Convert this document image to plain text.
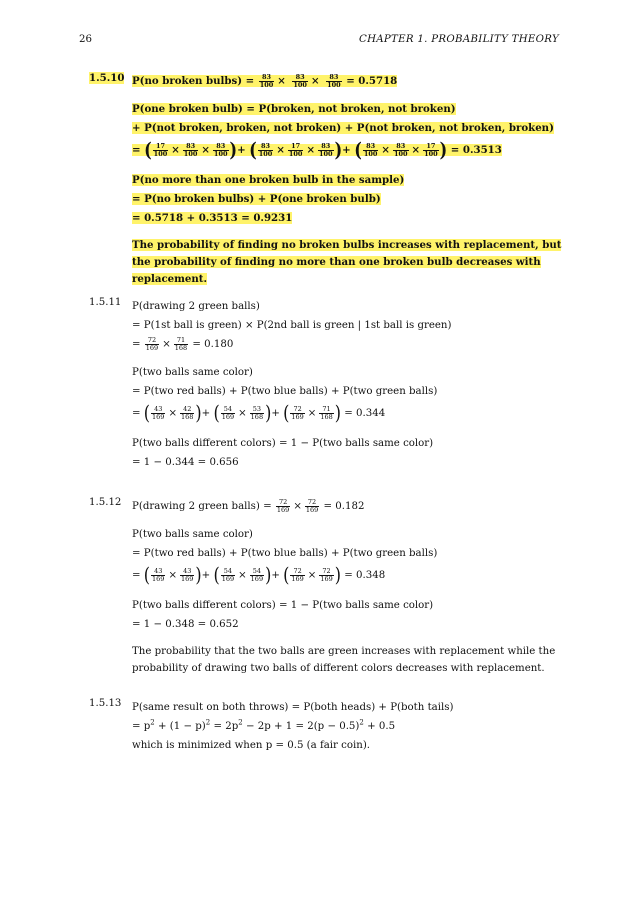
26	CHAPTER 1. PROBABILITY THEORY
1.5.10 P(no broken bulbs) = $\frac{83}{100} \times \frac{83}{100} \times \frac{83}{100} = 0.5718$
P(one broken bulb) = P(broken, not broken, not broken)
+ P(not broken, broken, not broken) + P(not broken, not broken, broken)
= ( $\frac{17}{100} \times \frac{83}{100} \times \frac{83}{100}$ )+ ( $\frac{83}{100} \times \frac{17}{100} \times \frac{83}{100}$ )+ ( $\frac{83}{100} \times \frac{83}{100} \times \frac{17}{100}$ ) = 0.3513
P(no more than one broken bulb in the sample)
= P(no broken bulbs) + P(one broken bulb)
= 0.5718 + 0.3513 = 0.9231
The probability of finding no broken bulbs increases with replacement, but the probability of finding no more than one broken bulb decreases with replacement.
1.5.11 P(drawing 2 green balls)
= P(1st ball is green) × P(2nd ball is green | 1st ball is green)
= $\frac{72}{169} \times \frac{71}{168} = 0.180$
P(two balls same color)
= P(two red balls) + P(two blue balls) + P(two green balls)
= ( $\frac{43}{169} \times \frac{42}{168}$ )+ ( $\frac{54}{169} \times \frac{53}{168}$ )+ ( $\frac{72}{169} \times \frac{71}{168}$ ) = 0.344
P(two balls different colors) = 1 − P(two balls same color)
= 1 − 0.344 = 0.656
1.5.12 P(drawing 2 green balls) = $\frac{72}{169} \times \frac{72}{169} = 0.182$
P(two balls same color)
= P(two red balls) + P(two blue balls) + P(two green balls)
= ( $\frac{43}{169} \times \frac{43}{169}$ )+ ( $\frac{54}{169} \times \frac{54}{169}$ )+ ( $\frac{72}{169} \times \frac{72}{169}$ ) = 0.348
P(two balls different colors) = 1 − P(two balls same color)
= 1 − 0.348 = 0.652
The probability that the two balls are green increases with replacement while the probability of drawing two balls of different colors decreases with replacement.
1.5.13 P(same result on both throws) = P(both heads) + P(both tails)
= $p^2 + (1 - p)^2 = 2p^2 - 2p + 1 = 2(p - 0.5)^2 + 0.5$
which is minimized when p = 0.5 (a fair coin).
